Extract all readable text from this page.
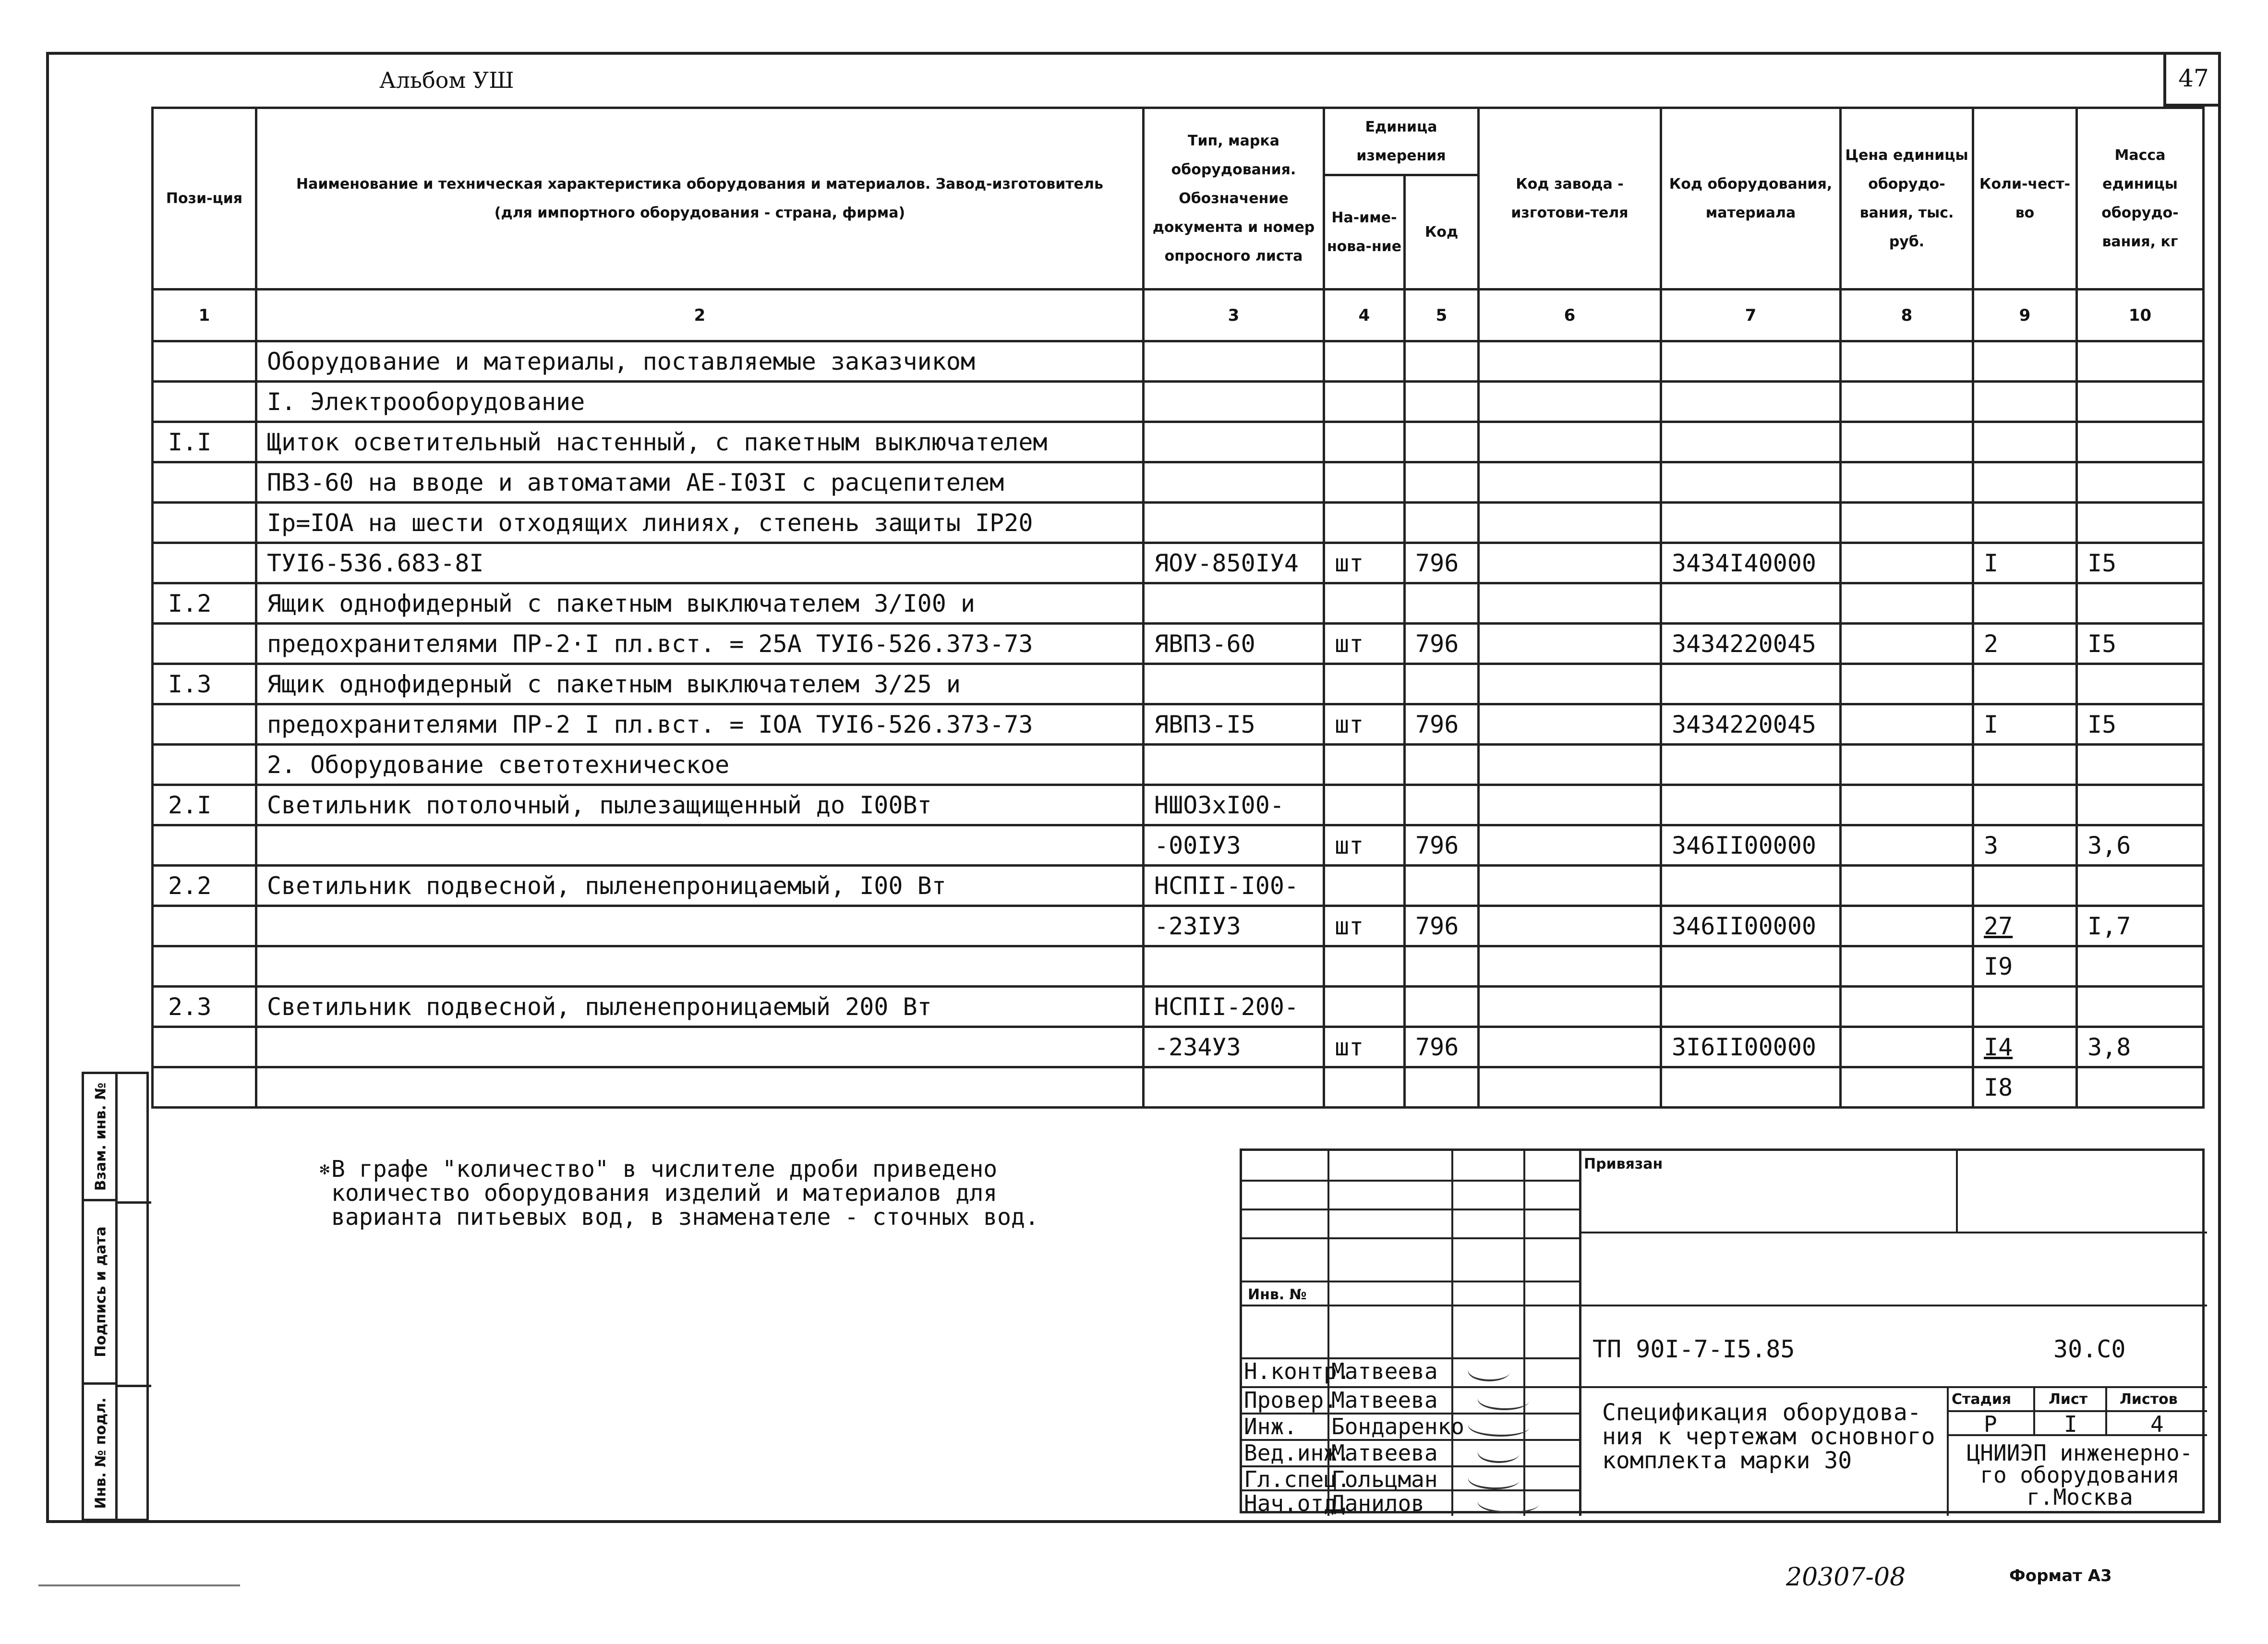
Альбом УШ	47
Пози-ция	Наименование и техническая характеристика оборудования и материалов. Завод-изготовитель (для импортного оборудования - страна, фирма)	Тип, марка оборудования. Обозначение документа и номер опросного листа	Единица измерения		Код завода - изготови-теля	Код оборудования, материала	Цена единицы оборудо-вания, тыс. руб.	Коли-чест-во	Масса единицы оборудо-вания, кг
			На-име-нова-ние	Код					
1	2	3	4	5	6	7	8	9	10
	Оборудование и материалы, поставляемые заказчиком								
	I. Электрооборудование								
I.I	Щиток осветительный настенный, с пакетным выключателем								
	ПВЗ-60 на вводе и автоматами АЕ-I03I с расцепителем								
	Iр=IОА на шести отходящих линиях, степень защиты IP20								
	ТУI6-536.683-8I	ЯОУ-850IУ4	шт	796		3434I40000		I	I5
I.2	Ящик однофидерный с пакетным выключателем 3/I00 и								
	предохранителями ПР-2·I пл.вст. = 25А ТУI6-526.373-73	ЯВПЗ-60	шт	796		3434220045		2	I5
I.3	Ящик однофидерный с пакетным выключателем 3/25 и								
	предохранителями ПР-2 I пл.вст. = IОА ТУI6-526.373-73	ЯВПЗ-I5	шт	796		3434220045		I	I5
	2. Оборудование светотехническое								
2.I	Светильник потолочный, пылезащищенный до I00Вт	НШО3хI00-							
		-00IУ3	шт	796		346II00000		3	3,6
2.2	Светильник подвесной, пыленепроницаемый, I00 Вт	НСПII-I00-							
		-23IУ3	шт	796		346II00000		27	I,7
								I9	
2.3	Светильник подвесной, пыленепроницаемый 200 Вт	НСПII-200-							
		-234У3	шт	796		3I6II00000		I4	3,8
								I8	
Взам. инв. №
Подпись и дата
Инв. № подл.
✻ В графе "количество" в числителе дроби приведено
количество оборудования изделий и материалов для
варианта питьевых вод, в знаменателе - сточных вод.
Инв. №
Привязан
ТП 90I-7-I5.85	30.С0
Н.контр.
Матвеева
Провер.
Матвеева
Инж. Бондаренко
Вед.инж.
Матвеева
Гл.спец.
Гольцман
Нач.отд.
Данилов
Спецификация оборудова-
ния к чертежам основного
комплекта марки 30
Стадия	Лист Листов
Р	I	4
ЦНИИЭП инженерно-
го оборудования
г.Москва
20307-08	Формат А3
